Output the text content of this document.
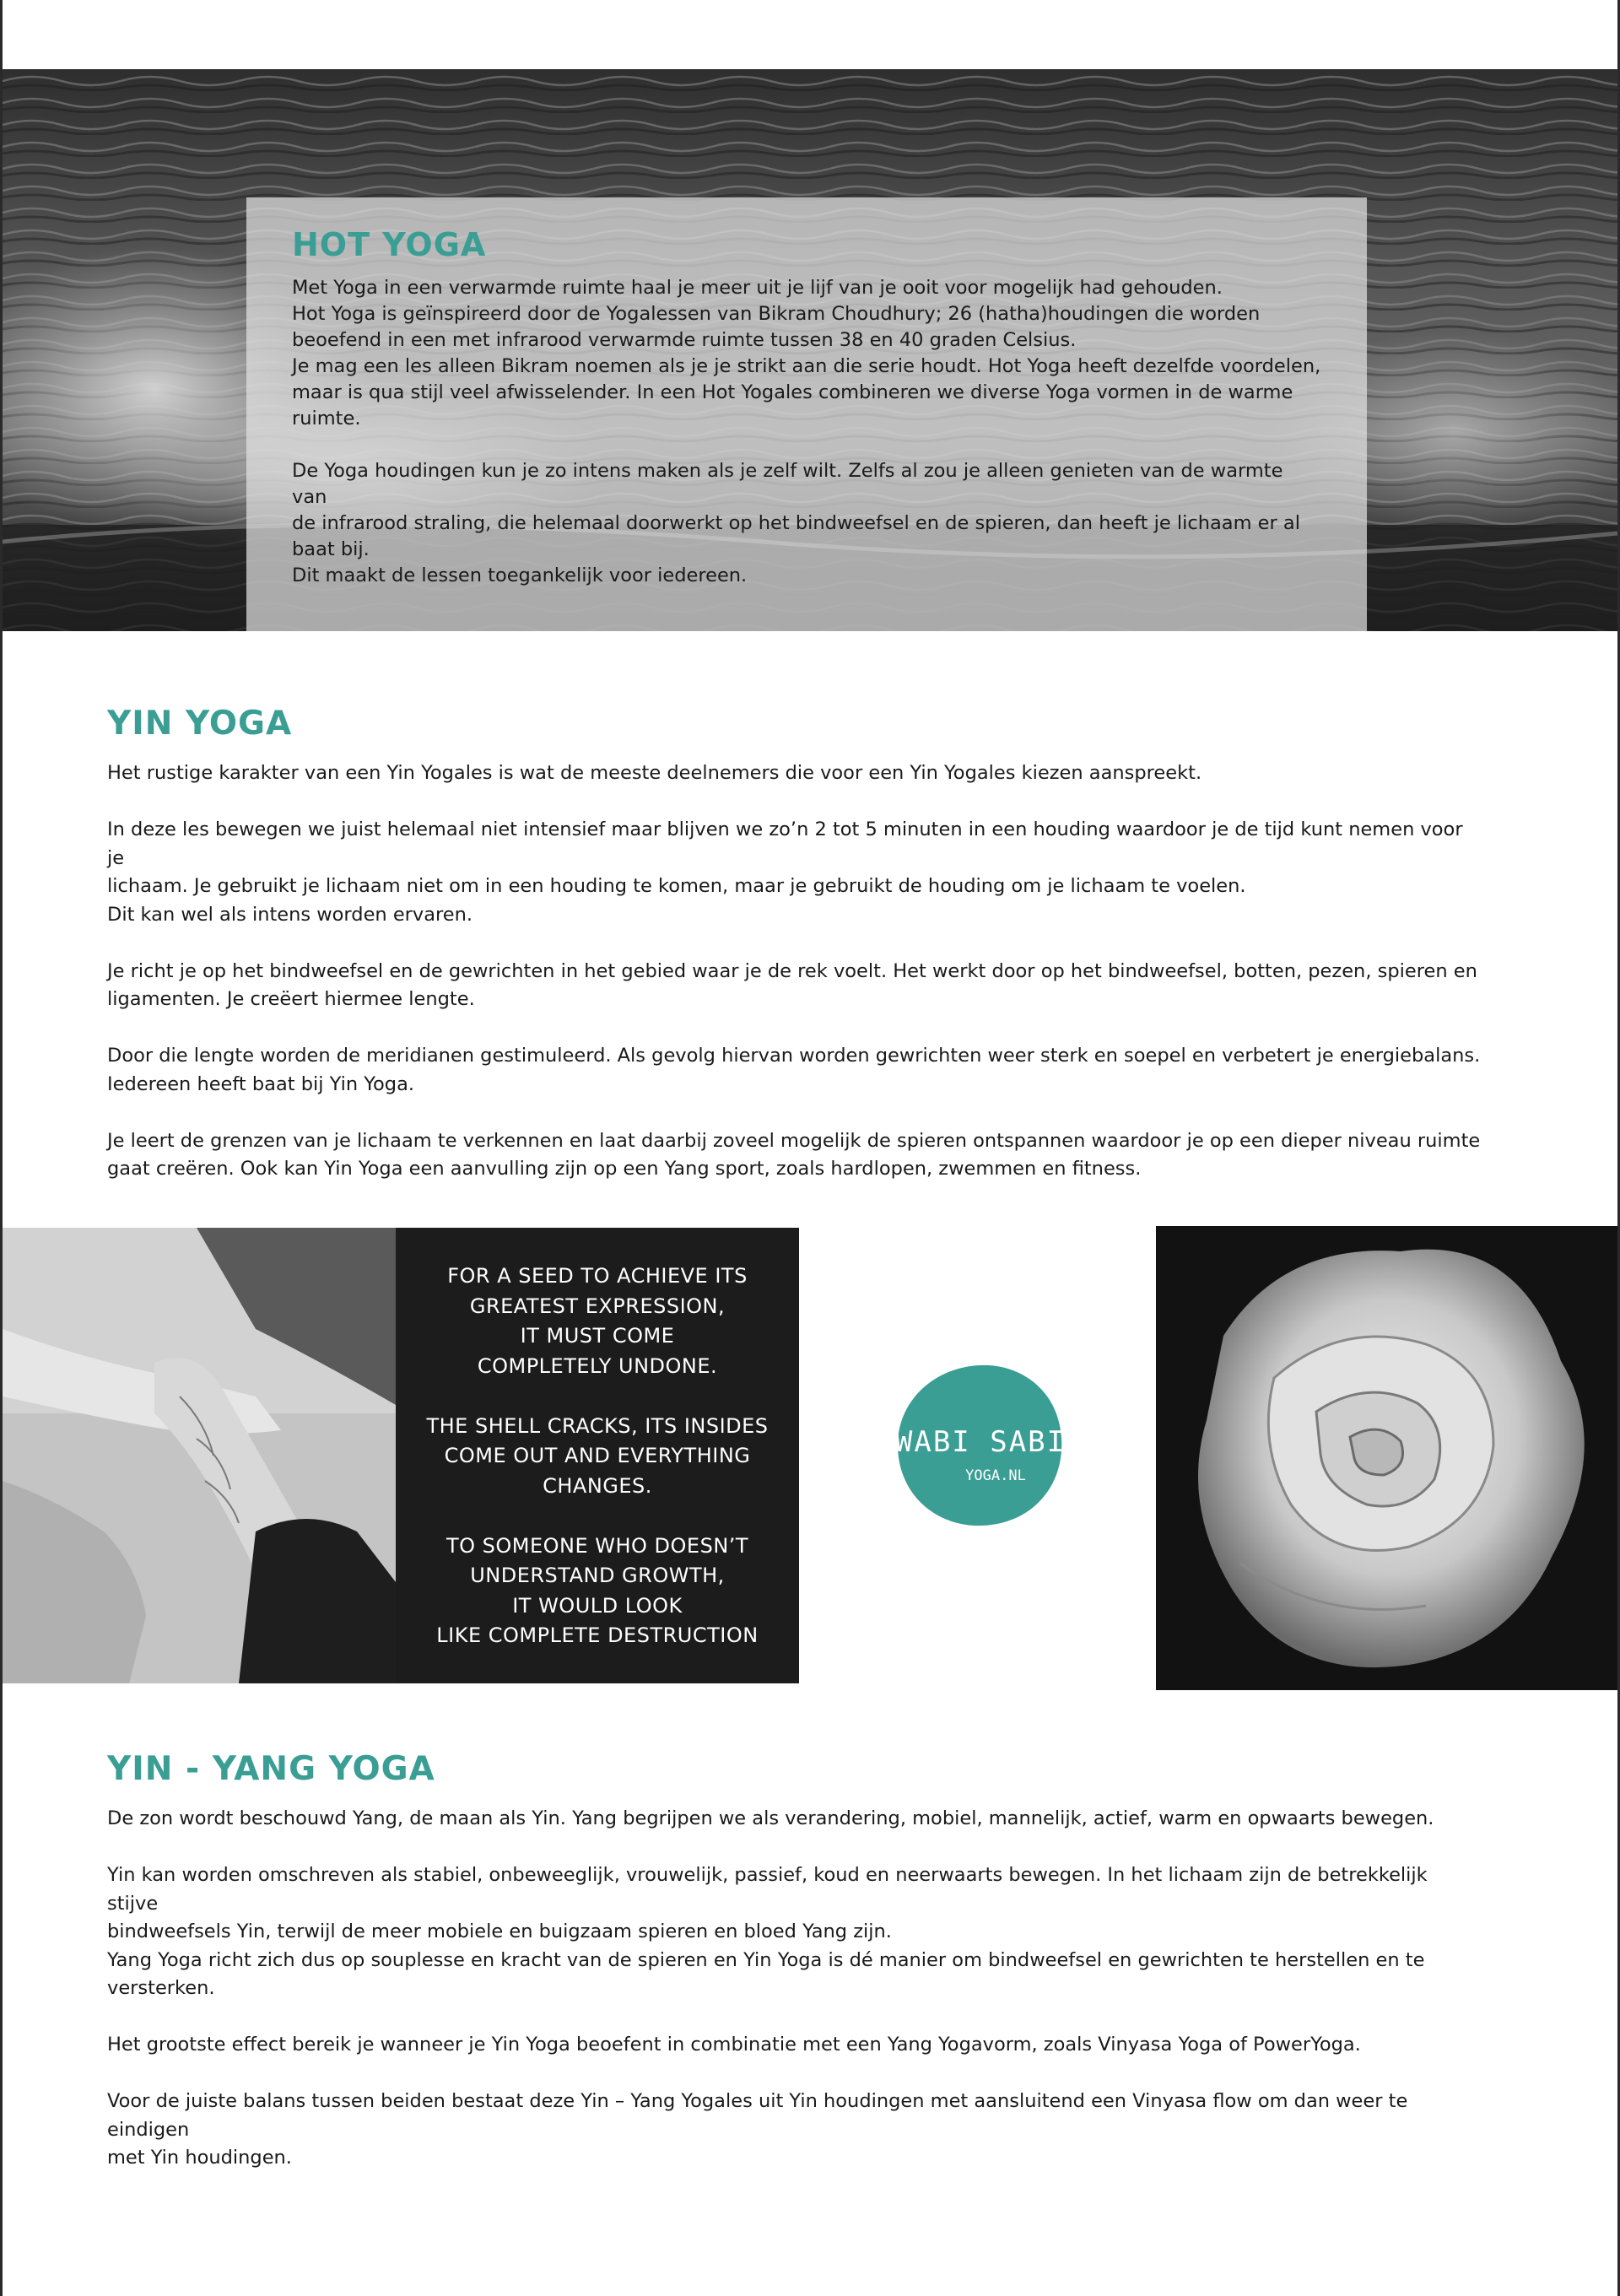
HOT YOGA

Met Yoga in een verwarmde ruimte haal je meer uit je lijf van je ooit voor mogelijk had gehouden.

Hot Yoga is geïnspireerd door de Yogalessen van Bikram Choudhury; 26 (hatha)houdingen die worden

beoefend in een met infrarood verwarmde ruimte tussen 38 en 40 graden Celsius.

Je mag een les alleen Bikram noemen als je je strikt aan die serie houdt. Hot Yoga heeft dezelfde voordelen,

maar is qua stijl veel afwisselender. In een Hot Yogales combineren we diverse Yoga vormen in de warme

ruimte.

De Yoga houdingen kun je zo intens maken als je zelf wilt. Zelfs al zou je alleen genieten van de warmte van

de infrarood straling, die helemaal doorwerkt op het bindweefsel en de spieren, dan heeft je lichaam er al

baat bij.

Dit maakt de lessen toegankelijk voor iedereen.

YIN YOGA

Het rustige karakter van een Yin Yogales is wat de meeste deelnemers die voor een Yin Yogales kiezen aanspreekt.

In deze les bewegen we juist helemaal niet intensief maar blijven we zo’n 2 tot 5 minuten in een houding waardoor je de tijd kunt nemen voor je

lichaam. Je gebruikt je lichaam niet om in een houding te komen, maar je gebruikt de houding om je lichaam te voelen.

Dit kan wel als intens worden ervaren.

Je richt je op het bindweefsel en de gewrichten in het gebied waar je de rek voelt. Het werkt door op het bindweefsel, botten, pezen, spieren en

ligamenten. Je creëert hiermee lengte.

Door die lengte worden de meridianen gestimuleerd. Als gevolg hiervan worden gewrichten weer sterk en soepel en verbetert je energiebalans.

Iedereen heeft baat bij Yin Yoga.

Je leert de grenzen van je lichaam te verkennen en laat daarbij zoveel mogelijk de spieren ontspannen waardoor je op een dieper niveau ruimte

gaat creëren. Ook kan Yin Yoga een aanvulling zijn op een Yang sport, zoals hardlopen, zwemmen en fitness.

FOR A SEED TO ACHIEVE ITS
GREATEST EXPRESSION,
IT MUST COME
COMPLETELY UNDONE.
THE SHELL CRACKS, ITS INSIDES
COME OUT AND EVERYTHING
CHANGES.
TO SOMEONE WHO DOESN’T
UNDERSTAND GROWTH,
IT WOULD LOOK
LIKE COMPLETE DESTRUCTION
WABI SABI
YOGA.NL
YIN - YANG YOGA

De zon wordt beschouwd Yang, de maan als Yin. Yang begrijpen we als verandering, mobiel, mannelijk, actief, warm en opwaarts bewegen.

Yin kan worden omschreven als stabiel, onbeweeglijk, vrouwelijk, passief, koud en neerwaarts bewegen. In het lichaam zijn de betrekkelijk stijve

bindweefsels Yin, terwijl de meer mobiele en buigzaam spieren en bloed Yang zijn.

Yang Yoga richt zich dus op souplesse en kracht van de spieren en Yin Yoga is dé manier om bindweefsel en gewrichten te herstellen en te

versterken.

Het grootste effect bereik je wanneer je Yin Yoga beoefent in combinatie met een Yang Yogavorm, zoals Vinyasa Yoga of PowerYoga.

Voor de juiste balans tussen beiden bestaat deze Yin – Yang Yogales uit Yin houdingen met aansluitend een Vinyasa flow om dan weer te eindigen

met Yin houdingen.
